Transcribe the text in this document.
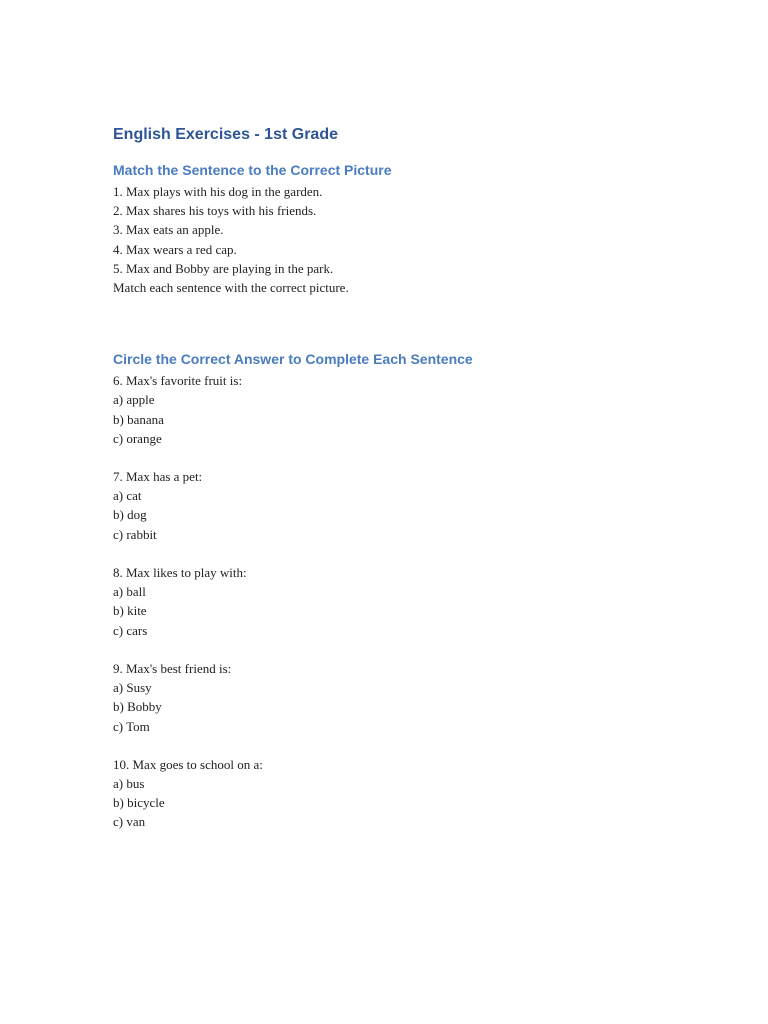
English Exercises - 1st Grade
Match the Sentence to the Correct Picture

1. Max plays with his dog in the garden.

2. Max shares his toys with his friends.

3. Max eats an apple.

4. Max wears a red cap.

5. Max and Bobby are playing in the park.

Match each sentence with the correct picture.

Circle the Correct Answer to Complete Each Sentence

6. Max's favorite fruit is:

a) apple

b) banana

c) orange

7. Max has a pet:

a) cat

b) dog

c) rabbit

8. Max likes to play with:

a) ball

b) kite

c) cars

9. Max's best friend is:

a) Susy

b) Bobby

c) Tom

10. Max goes to school on a:

a) bus

b) bicycle

c) van
